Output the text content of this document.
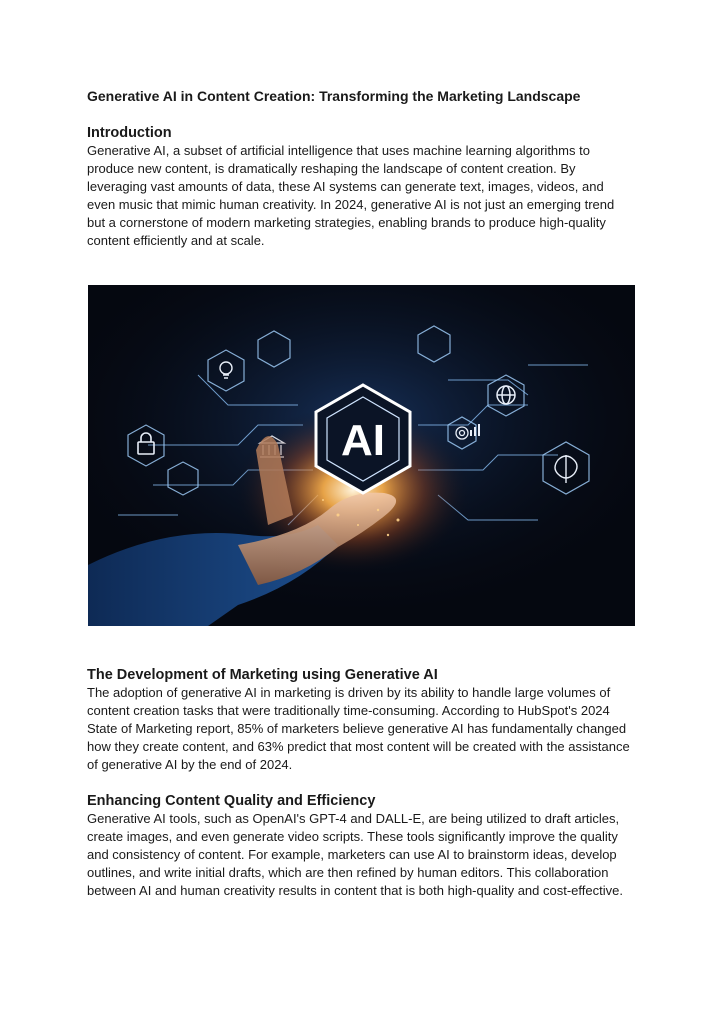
Generative AI in Content Creation: Transforming the Marketing Landscape
Introduction

Generative AI, a subset of artificial intelligence that uses machine learning algorithms to produce new content, is dramatically reshaping the landscape of content creation. By leveraging vast amounts of data, these AI systems can generate text, images, videos, and even music that mimic human creativity. In 2024, generative AI is not just an emerging trend but a cornerstone of modern marketing strategies, enabling brands to produce high-quality content efficiently and at scale.

The Development of Marketing using Generative AI

The adoption of generative AI in marketing is driven by its ability to handle large volumes of content creation tasks that were traditionally time-consuming. According to HubSpot's 2024 State of Marketing report, 85% of marketers believe generative AI has fundamentally changed how they create content, and 63% predict that most content will be created with the assistance of generative AI by the end of 2024.

Enhancing Content Quality and Efficiency

Generative AI tools, such as OpenAI's GPT-4 and DALL-E, are being utilized to draft articles, create images, and even generate video scripts. These tools significantly improve the quality and consistency of content. For example, marketers can use AI to brainstorm ideas, develop outlines, and write initial drafts, which are then refined by human editors. This collaboration between AI and human creativity results in content that is both high-quality and cost-effective.

AI
